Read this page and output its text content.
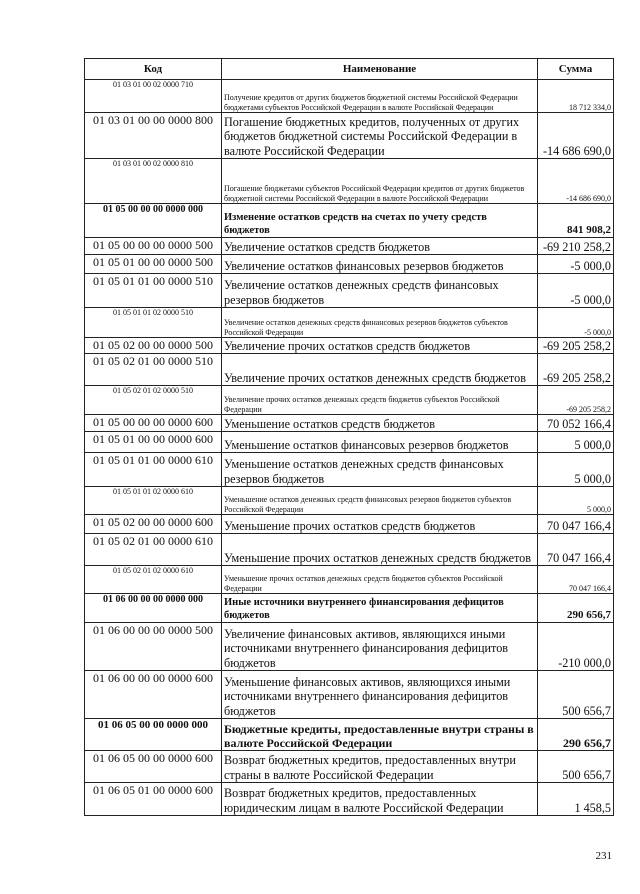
Код	Наименование	Сумма
01 03 01 00 02 0000 710	Получение кредитов от других бюджетов бюджетной системы Российской Федерации бюджетами субъектов Российской Федерации в валюте Российской Федерации	18 712 334,0
01 03 01 00 00 0000 800	Погашение бюджетных кредитов, полученных от других бюджетов бюджетной системы Российской Федерации в валюте Российской Федерации	-14 686 690,0
01 03 01 00 02 0000 810	Погашение бюджетами субъектов Российской Федерации кредитов от других бюджетов бюджетной системы Российской Федерации в валюте Российской Федерации	-14 686 690,0
01 05 00 00 00 0000 000	Изменение остатков средств на счетах по учету средств бюджетов	841 908,2
01 05 00 00 00 0000 500	Увеличение остатков средств бюджетов	-69 210 258,2
01 05 01 00 00 0000 500	Увеличение остатков финансовых резервов бюджетов	-5 000,0
01 05 01 01 00 0000 510	Увеличение остатков денежных средств финансовых резервов бюджетов	-5 000,0
01 05 01 01 02 0000 510	Увеличение остатков денежных средств финансовых резервов бюджетов субъектов Российской Федерации	-5 000,0
01 05 02 00 00 0000 500	Увеличение прочих остатков средств бюджетов	-69 205 258,2
01 05 02 01 00 0000 510	Увеличение прочих остатков денежных средств бюджетов	-69 205 258,2
01 05 02 01 02 0000 510	Увеличение прочих остатков денежных средств бюджетов субъектов Российской Федерации	-69 205 258,2
01 05 00 00 00 0000 600	Уменьшение остатков средств бюджетов	70 052 166,4
01 05 01 00 00 0000 600	Уменьшение остатков финансовых резервов бюджетов	5 000,0
01 05 01 01 00 0000 610	Уменьшение остатков денежных средств финансовых резервов бюджетов	5 000,0
01 05 01 01 02 0000 610	Уменьшение остатков денежных средств финансовых резервов бюджетов субъектов Российской Федерации	5 000,0
01 05 02 00 00 0000 600	Уменьшение прочих остатков средств бюджетов	70 047 166,4
01 05 02 01 00 0000 610	Уменьшение прочих остатков денежных средств бюджетов	70 047 166,4
01 05 02 01 02 0000 610	Уменьшение прочих остатков денежных средств бюджетов субъектов Российской Федерации	70 047 166,4
01 06 00 00 00 0000 000	Иные источники внутреннего финансирования дефицитов бюджетов	290 656,7
01 06 00 00 00 0000 500	Увеличение финансовых активов, являющихся иными источниками внутреннего финансирования дефицитов бюджетов	-210 000,0
01 06 00 00 00 0000 600	Уменьшение финансовых активов, являющихся иными источниками внутреннего финансирования дефицитов бюджетов	500 656,7
01 06 05 00 00 0000 000	Бюджетные кредиты, предоставленные внутри страны в валюте Российской Федерации	290 656,7
01 06 05 00 00 0000 600	Возврат бюджетных кредитов, предоставленных внутри страны в валюте Российской Федерации	500 656,7
01 06 05 01 00 0000 600	Возврат бюджетных кредитов, предоставленных юридическим лицам в валюте Российской Федерации	1 458,5
231
